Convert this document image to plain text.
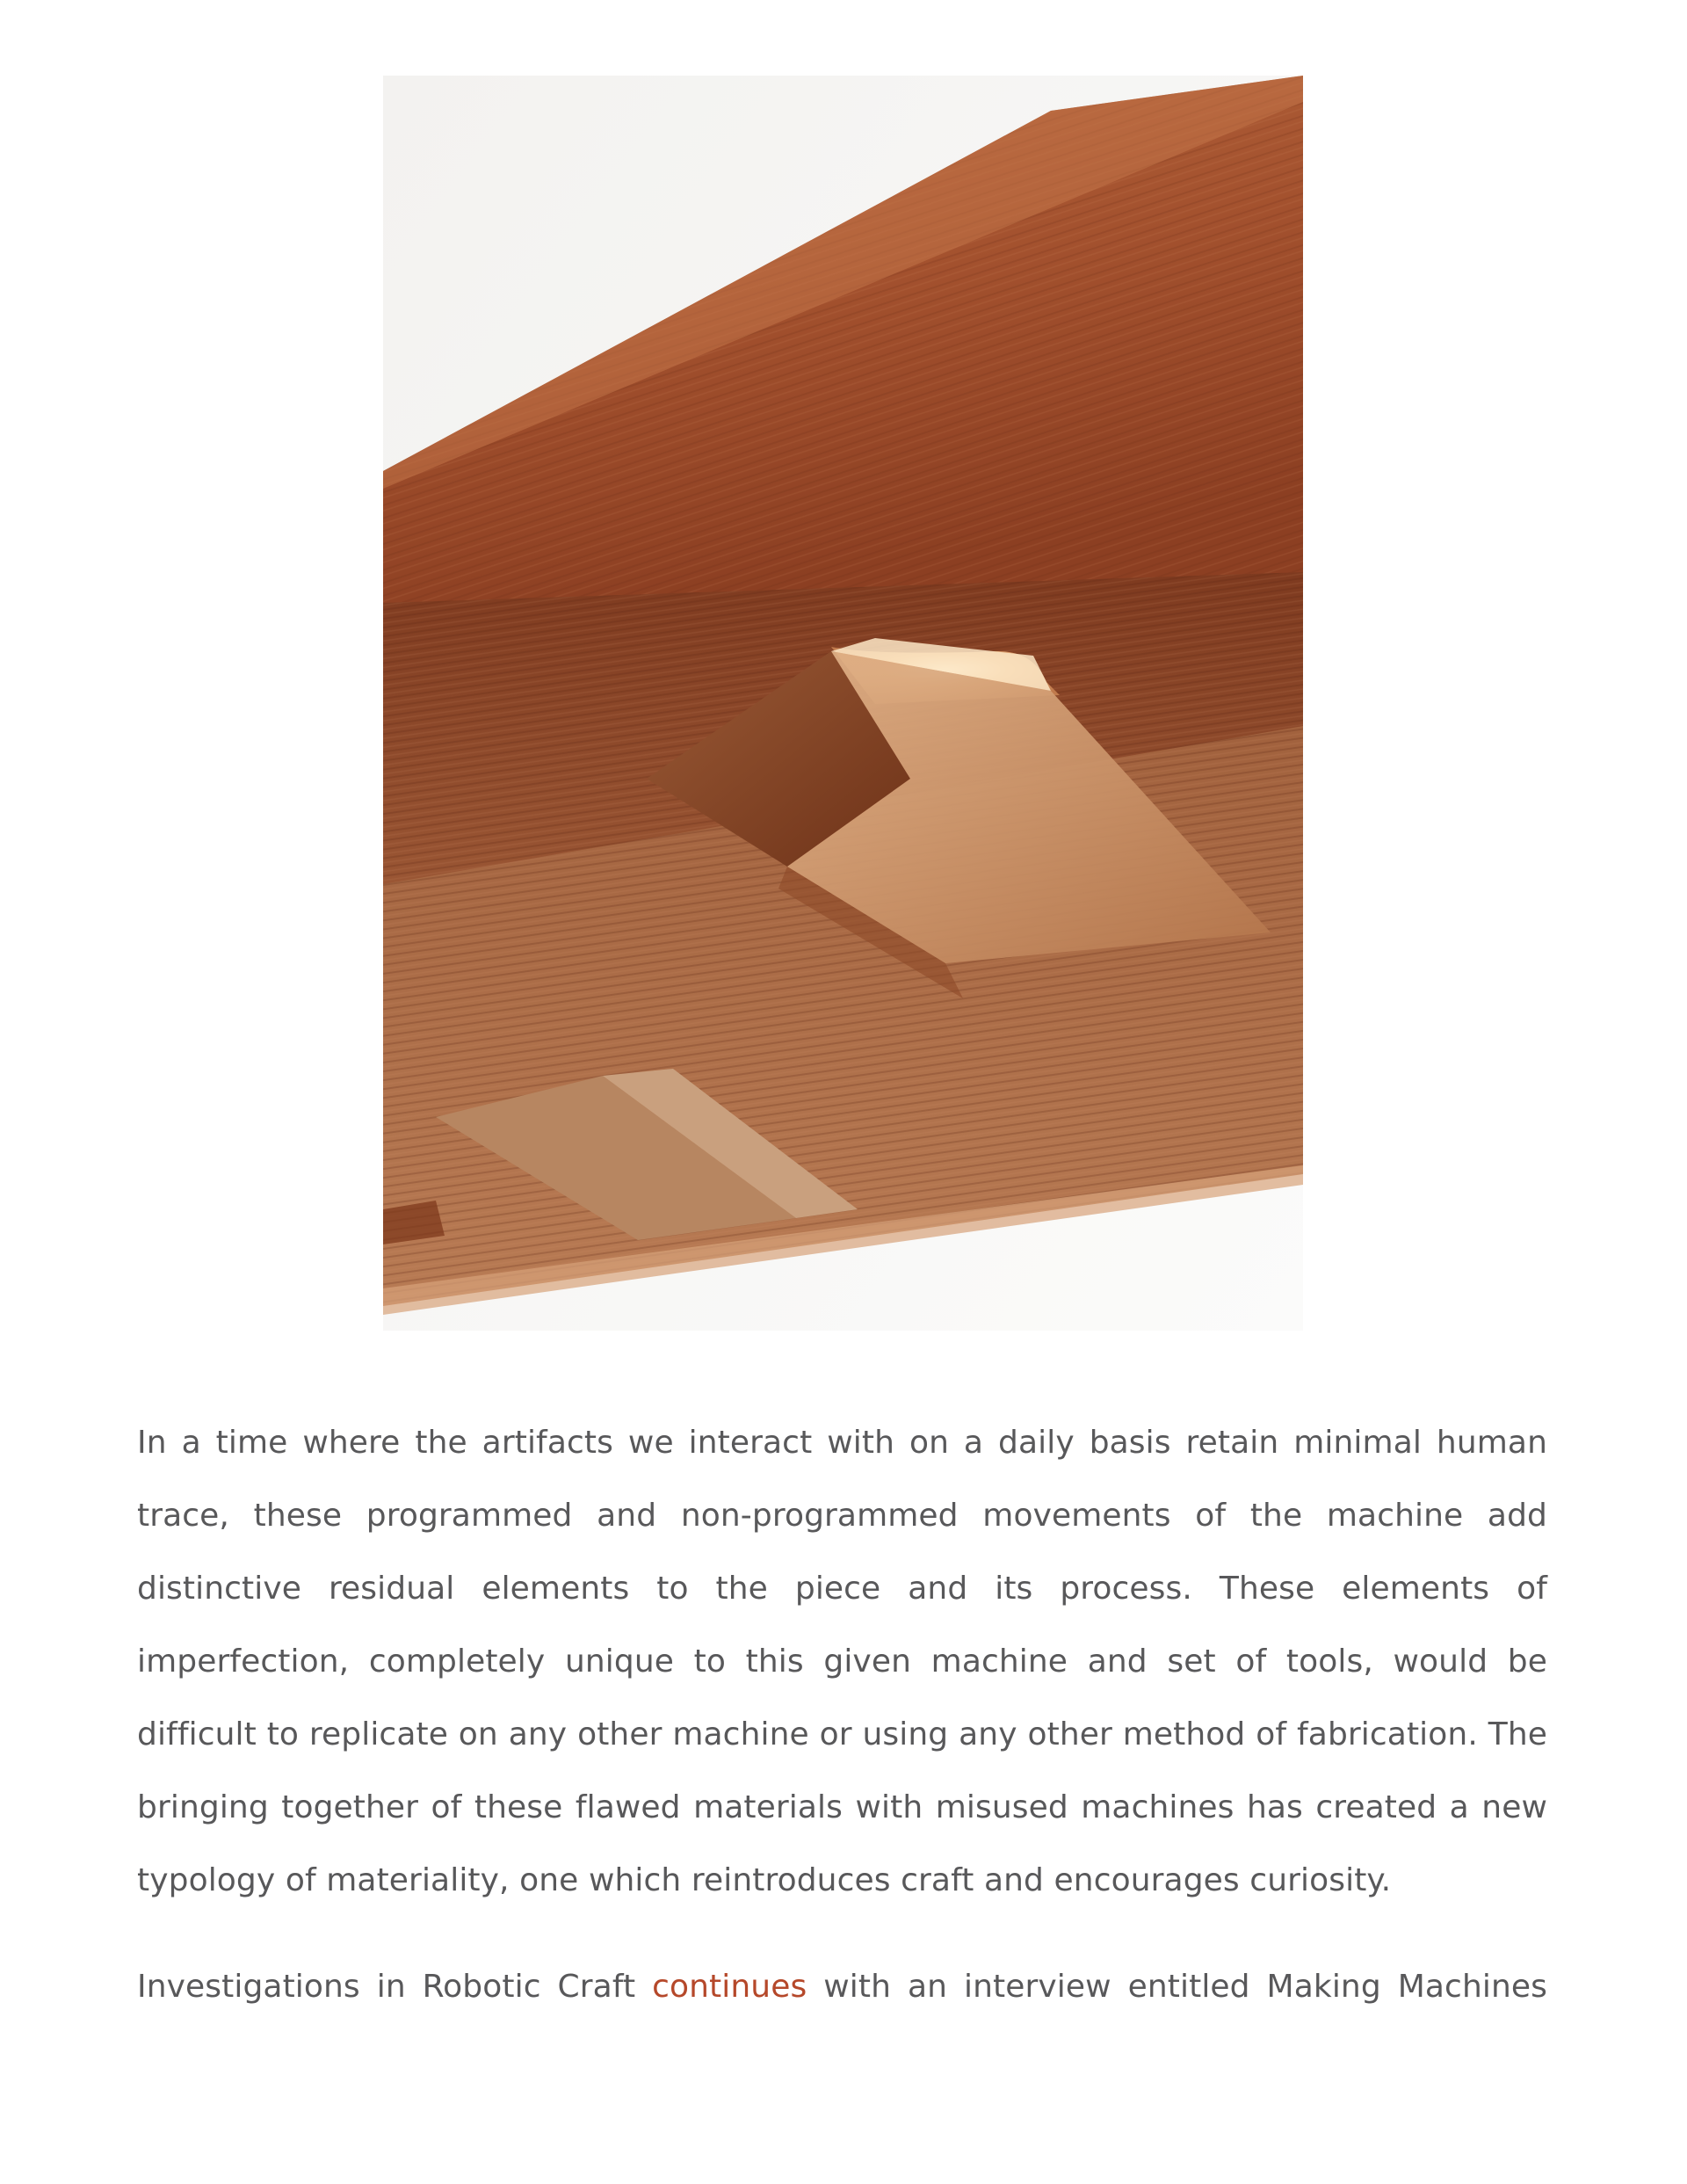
In a time where the artifacts we interact with on a daily basis retain minimal human trace, these programmed and non-programmed movements of the machine add distinctive residual elements to the piece and its process. These elements of imperfection, completely unique to this given machine and set of tools, would be difficult to replicate on any other machine or using any other method of fabrication. The bringing together of these flawed materials with misused machines has created a new typology of materiality, one which reintroduces craft and encourages curiosity.

Investigations in Robotic Craft continues with an interview entitled Making Machines
